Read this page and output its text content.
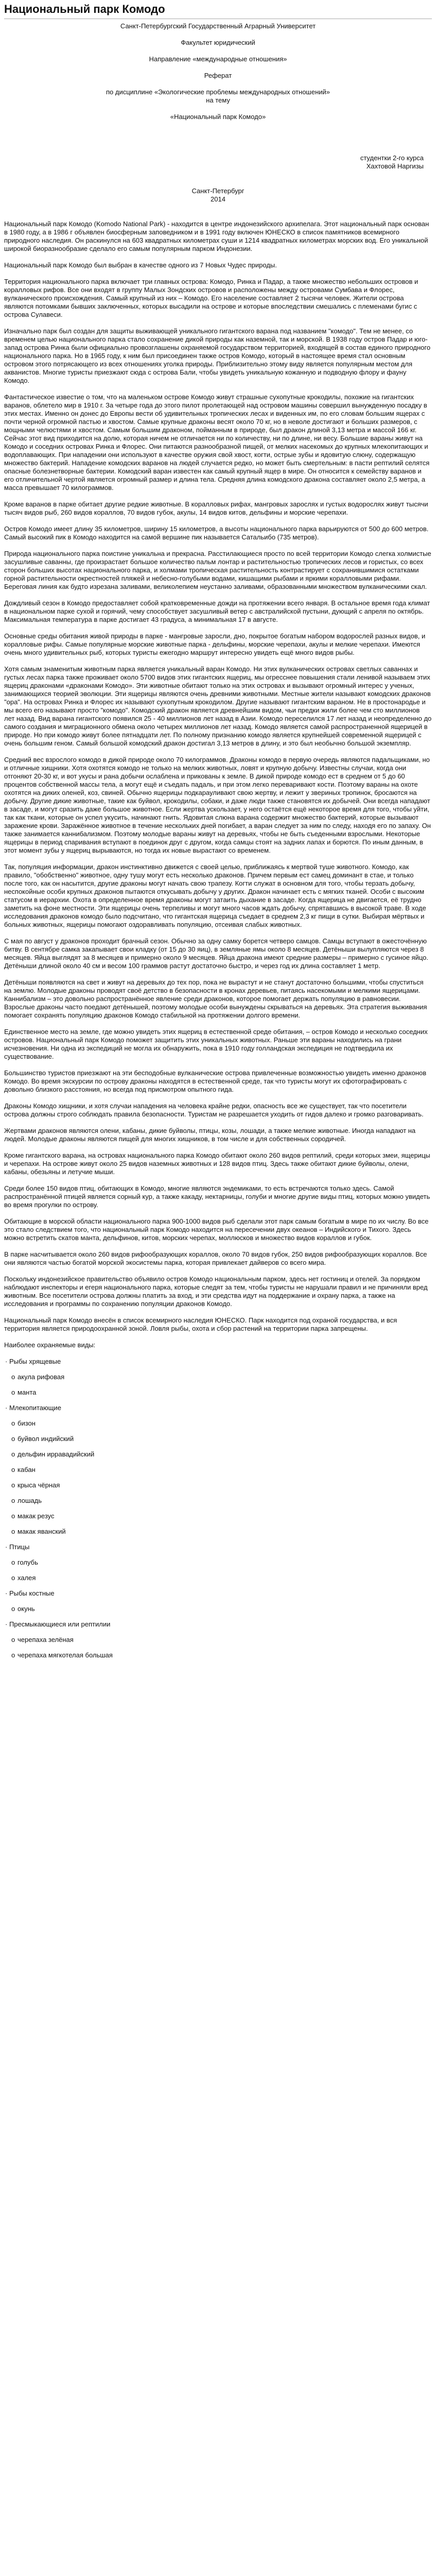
Национальный парк Комодо

Санкт-Петербургский Государственный Аграрный Университет

Факультет юридический

Направление «международные отношения»

Реферат

по дисциплине «Экологические проблемы международных отношений»

на тему

«Национальный парк Комодо»

студентки 2-го курса

Хахтовой Наргизы

Санкт-Петербург

2014

Национальный парк Комодо (Komodo National Park) - находится в центре индонезийского архипелага. Этот национальный парк основан в 1980 году, а в 1986 г объявлен биосферным заповедником и в 1991 году включен ЮНЕСКО в список памятников всемирного природного наследия. Он раскинулся на 603 квадратных километрах суши и 1214 квадратных километрах морских вод. Его уникальной широкой биоразнообразие сделало его самым популярным парком Индонезии.

Национальный парк Комодо был выбран в качестве одного из 7 Новых Чудес природы.

Территория национального парка включает три главных острова: Комодо, Ринка и Падар, а также множество небольших островов и коралловых рифов. Все они входят в группу Малых Зондских островов и расположены между островами Сумбава и Флорес, вулканического происхождения. Самый крупный из них – Комодо. Его население составляет 2 тысячи человек. Жители острова являются потомками бывших заключенных, которых высадили на острове и которые впоследствии смешались с племенами бугис с острова Сулавеси.

Изначально парк был создан для защиты выживающей уникального гигантского варана под названием "комодо". Тем не менее, со временем целью национального парка стало сохранение дикой природы как наземной, так и морской. В 1938 году остров Падар и юго-запад острова Ринка были официально провозглашены охраняемой государством территорией, входящей в состав единого природного национального парка. Но в 1965 году, к ним был присоединен также остров Комодо, который в настоящее время стал основным островом этого потрясающего из всех отношениях уголка природы. Приблизительно этому виду является популярным местом для акванистов. Многие туристы приезжают сюда с острова Бали, чтобы увидеть уникальную кожанную и подводную флору и фауну Комодо.

Фантастическое известие о том, что на маленьком острове Комодо живут страшные сухопутные крокодилы, похожие на гигантских варанов, облетело мир в 1910 г. За четыре года до этого пилот пролетающей над островом машины совершил вынужденную посадку в этих местах. Именно он донес до Европы вести об удивительных тропических лесах и виденных им, по его словам большим ящерах с почти черной огромной пастью и хвостом. Самые крупные драконы весят около 70 кг, но в неволе достигают и больших размеров, с мощными челюстями и хвостом. Самым большим драконом, пойманным в природе, был дракон длиной 3,13 метра и массой 166 кг. Сейчас этот вид приходится на долю, которая ничем не отличается ни по количеству, ни по длине, ни весу. Большие вараны живут на Комодо и соседних островах Ринка и Флорес. Они питаются разнообразной пищей, от мелких насекомых до крупных млекопитающих и водоплавающих. При нападении они используют в качестве оружия свой хвост, когти, острые зубы и ядовитую слюну, содержащую множество бактерий. Нападение комодских варанов на людей случается редко, но может быть смертельным: в пасти рептилий селятся опасные болезнетворные бактерии. Комодский варан известен как самый крупный ящер в мире. Он относится к семейству варанов и его отличительной чертой является огромный размер и длина тела. Средняя длина комодского дракона составляет около 2,5 метра, а масса превышает 70 килограммов.

Кроме варанов в парке обитает другие редкие животные. В коралловых рифах, мангровых зарослях и густых водорослях живут тысячи тысяч видов рыб, 260 видов кораллов, 70 видов губок, акулы, 14 видов китов, дельфины и морские черепахи.

Остров Комодо имеет длину 35 километров, ширину 15 километров, а высоты национального парка варьируются от 500 до 600 метров. Самый высокий пик в Комодо находится на самой вершине пик называется Сатальибо (735 метров).

Природа национального парка поистине уникальна и прекрасна. Расстилающиеся просто по всей территории Комодо слегка холмистые засушливые саванны, где произрастает большое количество пальм лонтар и растительностью тропических лесов и гористых, со всех сторон больших высотах национального парка, и холмами тропическая растительность контрастирует с сохранившимися остатками горной растительности окрестностей пляжей и небесно-голубыми водами, кишащими рыбами и яркими коралловыми рифами. Береговая линия как будто изрезана заливами, великолепием неустанно заливами, образованными множеством вулканическими скал.

Дождливый сезон в Комодо предоставляет собой кратковременные дожди на протяжении всего января. В остальное время года климат в национальном парке сухой и горячий, чему способствует засушливый ветер с австралийской пустыни, дующий с апреля по октябрь. Максимальная температура в парке достигает 43 градуса, а минимальная 17 в августе.

Основные среды обитания живой природы в парке - мангровые заросли, дно, покрытое богатым набором водорослей разных видов, и коралловые рифы. Самые популярные морские животные парка - дельфины, морские черепахи, акулы и мелкие черепахи. Имеются очень много удивительных рыб, которых туристы ежегодно маршрут интересно увидеть ещё много видов рыбы.

Хотя самым знаменитым животным парка является уникальный варан Комодо. Ни этих вулканических островах светлых саваннах и густых лесах парка также проживает около 5700 видов этих гигантских ящериц, мы огресснее повышения стали ленивой называем этих ящериц драконами «драконами Комодо». Эти животные обитают только на этих островах и вызывают огромный интерес у ученых, занимающихся теорией эволюции. Эти ящерицы являются очень древними животными. Местные жители называют комодских драконов "ора". На островах Ринка и Флорес их называют сухопутным крокодилом. Другие называют гигантским вараном. Не в простонародье и мы всего его называют просто "комодо". Комодский дракон является древнейшим видом, чьи предки жили более чем сто миллионов лет назад. Вид варана гигантского появился 25 - 40 миллионов лет назад в Азии. Комодо переселился 17 лет назад и неопределенно до самого создания и миграционного обмена около четырех миллионов лет назад. Комодо является самой распространенной ящерицей в природе. Но при комодо живут более пятнадцати лет. По полному признанию комодо является крупнейшей современной ящерицей с очень большим геном. Самый большой комодский дракон достигал 3,13 метров в длину, и это был необычно большой экземпляр.

Средний вес взрослого комодо в дикой природе около 70 килограммов. Драконы комодо в первую очередь являются падальщиками, но и отличные хищники. Хотя охотятся комодо не только на мелких животных, ловят и крупную добычу. Известны случаи, когда они отгоняют 20-30 кг, и вот укусы и рана добычи ослаблена и прикованы к земле. В дикой природе комодо ест в среднем от 5 до 60 процентов собственной массы тела, а могут ещё и съедать падаль, и при этом легко переваривают кости. Поэтому вараны на охоте охотятся на диких оленей, коз, свиней. Обычно ящерицы подкарауливают свою жертву, и лежит у звериных тропинок, бросаются на добычу. Другие дикие животные, такие как буйвол, крокодилы, собаки, и даже люди также становятся их добычей. Они всегда нападают в засаде, и могут сразить даже большое животное. Если жертва ускользает, у него остаётся ещё некоторое время для того, чтобы уйти, так как ткани, которые он успел укусить, начинают гнить. Ядовитая слюна варана содержит множество бактерий, которые вызывают заражение крови. Заражённое животное в течение нескольких дней погибает, а варан следует за ним по следу, находя его по запаху. Он также занимается каннибализмом. Поэтому молодые вараны живут на деревьях, чтобы не быть съеденными взрослыми. Некоторые ящерицы в период спаривания вступают в поединок друг с другом, когда самцы стоят на задних лапах и борются. По иным данным, в этот момент зубы у ящериц вырываются, но тогда их новые вырастают со временем.

Так, популяция информации, дракон инстинктивно движется с своей целью, приближаясь к мертвой туше животного. Комодо, как правило, "обобственно" животное, одну тушу могут есть несколько драконов. Причем первым ест самец доминант в стае, и только после того, как он насытится, другие драконы могут начать свою трапезу. Когти служат в основном для того, чтобы терзать добычу, неспокойные особи крупных драконов пытаются откусывать добычу у других. Дракон начинает есть с мягких тканей. Особи с высоким статусом в иерархии. Охота в определенное время драконы могут затаить дыхание в засаде. Когда ящерица не двигается, её трудно заметить на фоне местности. Эти ящерицы очень терпеливы и могут много часов ждать добычу, спрятавшись в высокой траве. В ходе исследования драконов комодо было подсчитано, что гигантская ящерица съедает в среднем 2,3 кг пищи в сутки. Выбирая мёртвых и больных животных, ящерицы помогают оздоравливать популяцию, отсеивая слабых животных.

С мая по август у драконов проходит брачный сезон. Обычно за одну самку борется четверо самцов. Самцы вступают в ожесточённую битву. В сентябре самка закапывает свои кладку (от 15 до 30 яиц), в земляные ямы около 8 месяцев. Детёныши вылупляются через 8 месяцев. Яйца выглядят за 8 месяцев и примерно около 9 месяцев. Яйца дракона имеют средние размеры – примерно с гусиное яйцо. Детёныши длиной около 40 см и весом 100 граммов растут достаточно быстро, и через год их длина составляет 1 метр.

Детёныши появляются на свет и живут на деревьях до тех пор, пока не вырастут и не станут достаточно большими, чтобы спуститься на землю. Молодые драконы проводят своё детство в безопасности в кронах деревьев, питаясь насекомыми и мелкими ящерицами. Каннибализм – это довольно распространённое явление среди драконов, которое помогает держать популяцию в равновесии. Взрослые драконы часто поедают детёнышей, поэтому молодые особи вынуждены скрываться на деревьях. Эта стратегия выживания помогает сохранять популяцию драконов Комодо стабильной на протяжении долгого времени.

Единственное место на земле, где можно увидеть этих ящериц в естественной среде обитания, – остров Комодо и несколько соседних островов. Национальный парк Комодо поможет защитить этих уникальных животных. Раньше эти вараны находились на грани исчезновения. Ни одна из экспедиций не могла их обнаружить, пока в 1910 году голландская экспедиция не подтвердила их существование.

Большинство туристов приезжают на эти бесподобные вулканические острова привлеченные возможностью увидеть именно драконов Комодо. Во время экскурсии по острову драконы находятся в естественной среде, так что туристы могут их сфотографировать с довольно близкого расстояния, но всегда под присмотром опытного гида.

Драконы Комодо хищники, и хотя случаи нападения на человека крайне редки, опасность все же существует, так что посетители острова должны строго соблюдать правила безопасности. Туристам не разрешается уходить от гидов далеко и громко разговаривать.

Жертвами драконов являются олени, кабаны, дикие буйволы, птицы, козы, лошади, а также мелкие животные. Иногда нападают на людей. Молодые драконы являются пищей для многих хищников, в том числе и для собственных сородичей.

Кроме гигантского варана, на островах национального парка Комодо обитают около 260 видов рептилий, среди которых змеи, ящерицы и черепахи. На острове живут около 25 видов наземных животных и 128 видов птиц. Здесь также обитают дикие буйволы, олени, кабаны, обезьяны и летучие мыши.

Среди более 150 видов птиц, обитающих в Комодо, многие являются эндемиками, то есть встречаются только здесь. Самой распространённой птицей является сорный кур, а также какаду, нектарницы, голуби и многие другие виды птиц, которых можно увидеть во время прогулки по острову.

Обитающие в морской области национального парка 900-1000 видов рыб сделали этот парк самым богатым в мире по их числу. Во все это стало следствием того, что национальный парк Комодо находится на пересечении двух океанов – Индийского и Тихого. Здесь можно встретить скатов манта, дельфинов, китов, морских черепах, моллюсков и множество видов кораллов и губок.

В парке насчитывается около 260 видов рифообразующих кораллов, около 70 видов губок, 250 видов рифообразующих кораллов. Все они являются частью богатой морской экосистемы парка, которая привлекает дайверов со всего мира.

Поскольку индонезийское правительство объявило остров Комодо национальным парком, здесь нет гостиниц и отелей. За порядком наблюдают инспекторы и егеря национального парка, которые следят за тем, чтобы туристы не нарушали правил и не причиняли вред животным. Все посетители острова должны платить за вход, и эти средства идут на поддержание и охрану парка, а также на исследования и программы по сохранению популяции драконов Комодо.

Национальный парк Комодо внесён в список всемирного наследия ЮНЕСКО. Парк находится под охраной государства, и вся территория является природоохранной зоной. Ловля рыбы, охота и сбор растений на территории парка запрещены.

Наиболее охраняемые виды:

· Рыбы хрящевые
o акула рифовая
o манта
· Млекопитающие
o бизон
o буйвол индийский
o дельфин ирравадийский
o кабан
o крыса чёрная
o лошадь
o макак резус
o макак яванский
· Птицы
o голубь
o халея
· Рыбы костные
o окунь
· Пресмыкающиеся или рептилии
o черепаха зелёная
o черепаха мягкотелая большая
